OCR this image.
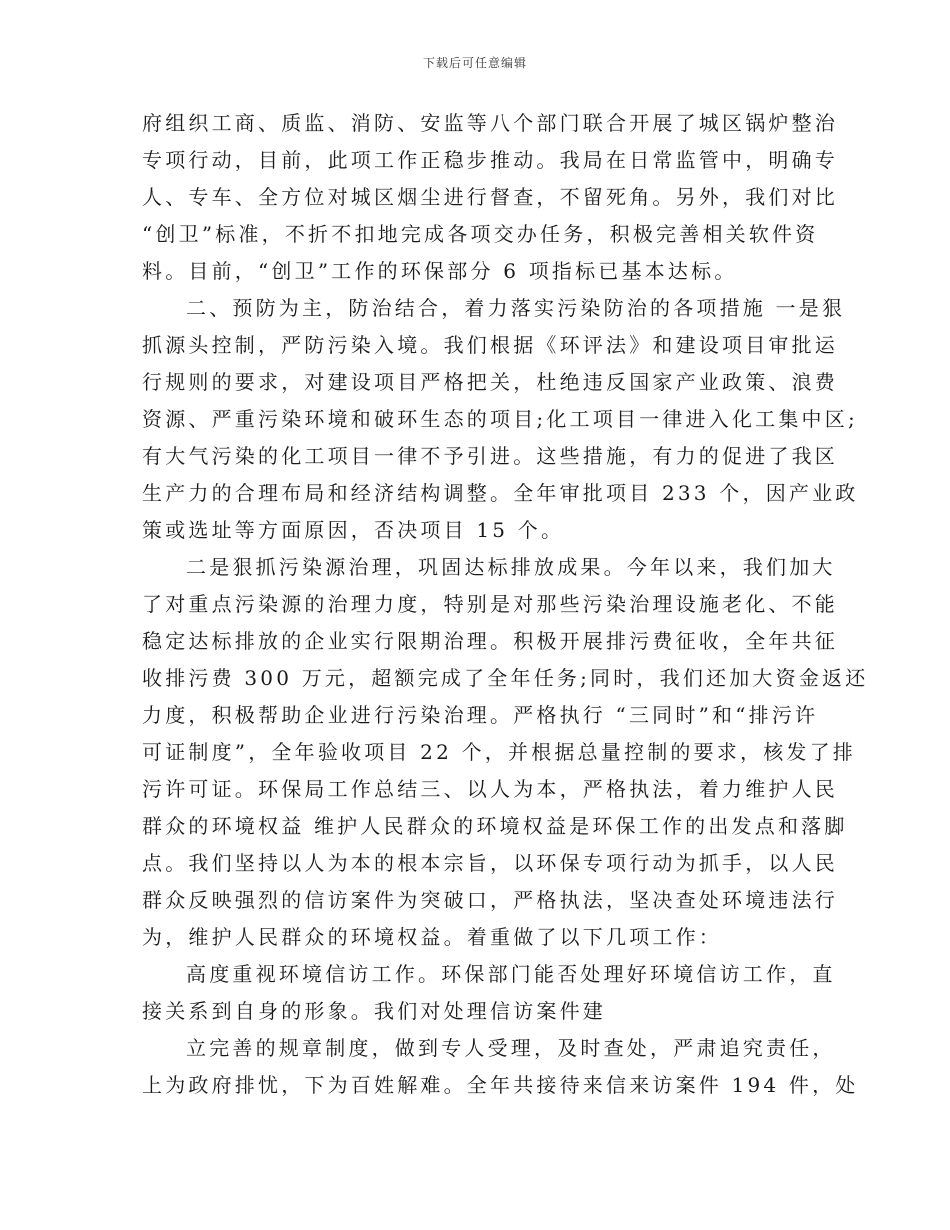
下载后可任意编辑

府组织工商、质监、消防、安监等八个部门联合开展了城区锅炉整治
专项行动，目前，此项工作正稳步推动。我局在日常监管中，明确专
人、专车、全方位对城区烟尘进行督查，不留死角。另外，我们对比
“创卫”标准，不折不扣地完成各项交办任务，积极完善相关软件资
料。目前，“创卫”工作的环保部分 6 项指标已基本达标。

二、预防为主，防治结合，着力落实污染防治的各项措施 一是狠
抓源头控制，严防污染入境。我们根据《环评法》和建设项目审批运
行规则的要求，对建设项目严格把关，杜绝违反国家产业政策、浪费
资源、严重污染环境和破环生态的项目;化工项目一律进入化工集中区;
有大气污染的化工项目一律不予引进。这些措施，有力的促进了我区
生产力的合理布局和经济结构调整。全年审批项目 233 个，因产业政
策或选址等方面原因，否决项目 15 个。

二是狠抓污染源治理，巩固达标排放成果。今年以来，我们加大
了对重点污染源的治理力度，特别是对那些污染治理设施老化、不能
稳定达标排放的企业实行限期治理。积极开展排污费征收，全年共征
收排污费 300 万元，超额完成了全年任务;同时，我们还加大资金返还
力度，积极帮助企业进行污染治理。严格执行 “三同时”和“排污许
可证制度”，全年验收项目 22 个，并根据总量控制的要求，核发了排
污许可证。环保局工作总结三、以人为本，严格执法，着力维护人民
群众的环境权益 维护人民群众的环境权益是环保工作的出发点和落脚
点。我们坚持以人为本的根本宗旨，以环保专项行动为抓手，以人民
群众反映强烈的信访案件为突破口，严格执法，坚决查处环境违法行
为，维护人民群众的环境权益。着重做了以下几项工作：

高度重视环境信访工作。环保部门能否处理好环境信访工作，直
接关系到自身的形象。我们对处理信访案件建

立完善的规章制度，做到专人受理，及时查处，严肃追究责任，
上为政府排忧，下为百姓解难。全年共接待来信来访案件 194 件，处
